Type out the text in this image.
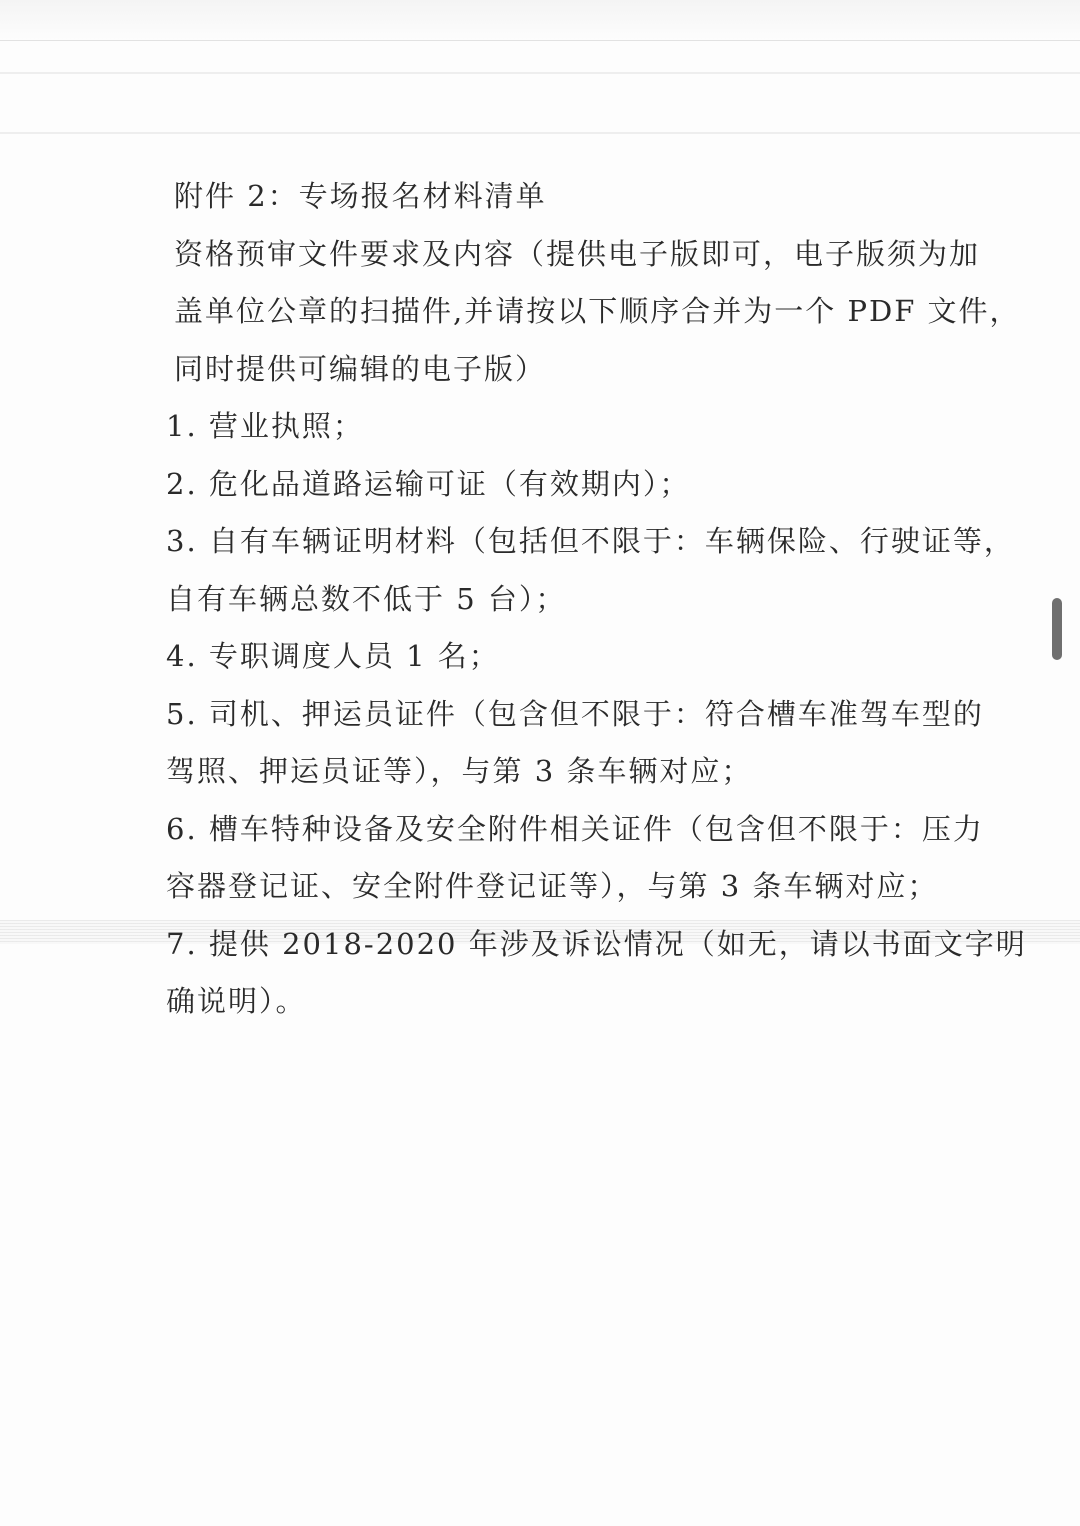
附件 2：专场报名材料清单
资格预审文件要求及内容（提供电子版即可，电子版须为加
盖单位公章的扫描件,并请按以下顺序合并为一个 PDF 文件，
同时提供可编辑的电子版）
1. 营业执照；
2. 危化品道路运输可证（有效期内）；
3. 自有车辆证明材料（包括但不限于：车辆保险、行驶证等，
自有车辆总数不低于 5 台）；
4. 专职调度人员 1 名；
5. 司机、押运员证件（包含但不限于：符合槽车准驾车型的
驾照、押运员证等），与第 3 条车辆对应；
6. 槽车特种设备及安全附件相关证件（包含但不限于：压力
容器登记证、安全附件登记证等），与第 3 条车辆对应；
7. 提供 2018-2020 年涉及诉讼情况（如无，请以书面文字明
确说明）。
